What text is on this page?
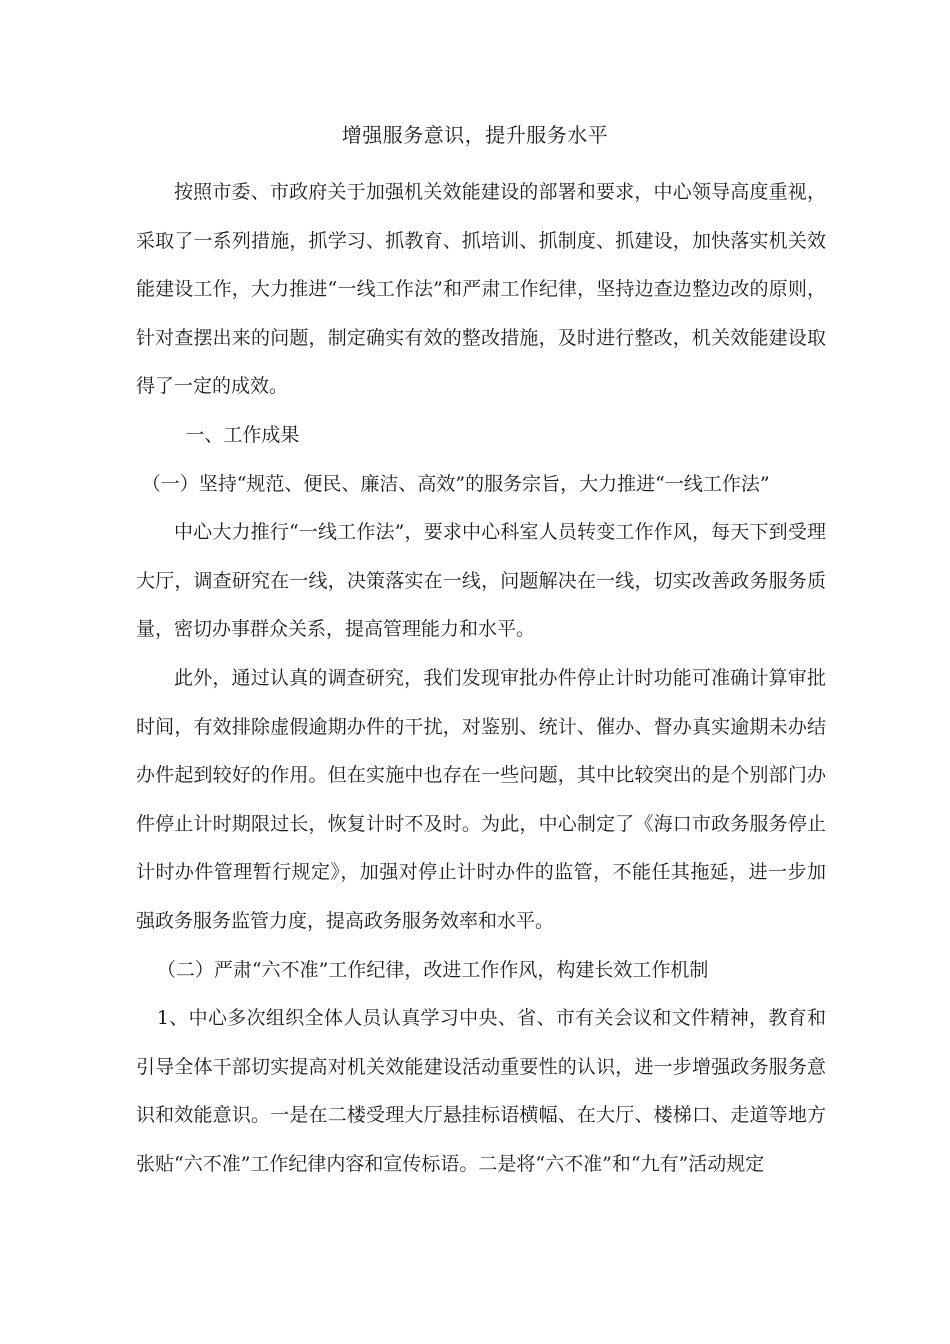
增强服务意识，提升服务水平

按照市委、市政府关于加强机关效能建设的部署和要求，中心领导高度重视，采取了一系列措施，抓学习、抓教育、抓培训、抓制度、抓建设，加快落实机关效能建设工作，大力推进“一线工作法”和严肃工作纪律，坚持边查边整边改的原则，针对查摆出来的问题，制定确实有效的整改措施，及时进行整改，机关效能建设取得了一定的成效。

一、工作成果

（一）坚持“规范、便民、廉洁、高效”的服务宗旨，大力推进“一线工作法”

中心大力推行“一线工作法”，要求中心科室人员转变工作作风，每天下到受理大厅，调查研究在一线，决策落实在一线，问题解决在一线，切实改善政务服务质量，密切办事群众关系，提高管理能力和水平。

此外，通过认真的调查研究，我们发现审批办件停止计时功能可准确计算审批时间，有效排除虚假逾期办件的干扰，对鉴别、统计、催办、督办真实逾期未办结办件起到较好的作用。但在实施中也存在一些问题，其中比较突出的是个别部门办件停止计时期限过长，恢复计时不及时。为此，中心制定了《海口市政务服务停止计时办件管理暂行规定》，加强对停止计时办件的监管，不能任其拖延，进一步加强政务服务监管力度，提高政务服务效率和水平。

（二）严肃“六不准”工作纪律，改进工作作风，构建长效工作机制

1、中心多次组织全体人员认真学习中央、省、市有关会议和文件精神，教育和引导全体干部切实提高对机关效能建设活动重要性的认识，进一步增强政务服务意识和效能意识。一是在二楼受理大厅悬挂标语横幅、在大厅、楼梯口、走道等地方张贴“六不准”工作纪律内容和宣传标语。二是将“六不准”和“九有”活动规定
